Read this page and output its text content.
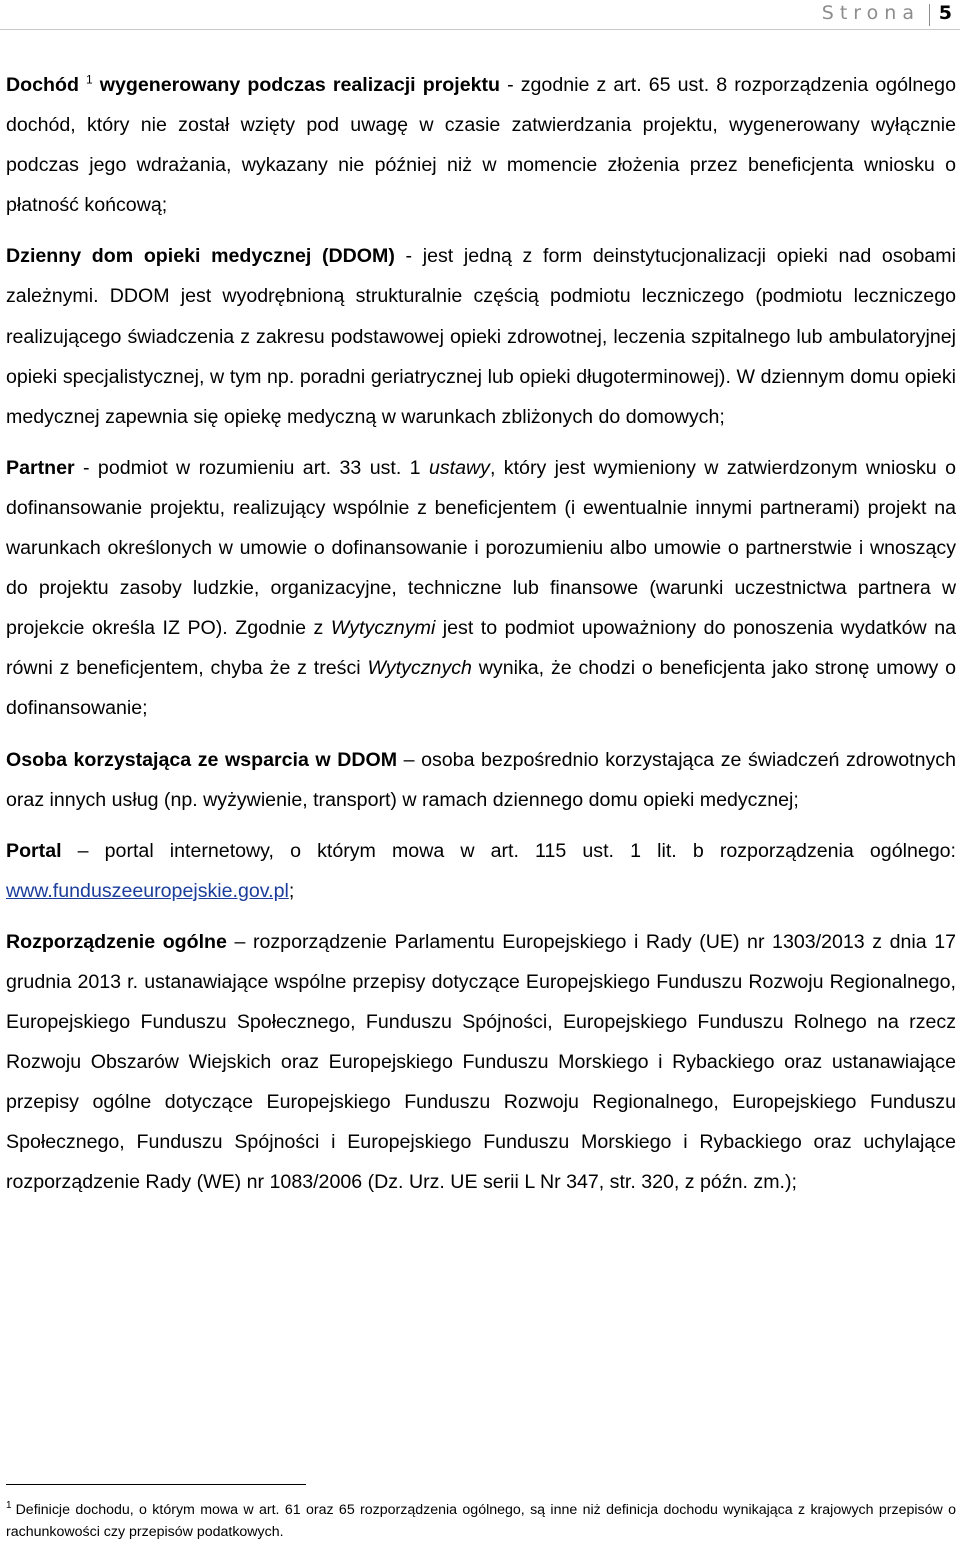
Strona 5

Dochód $^1$ wygenerowany podczas realizacji projektu - zgodnie z art. 65 ust. 8 rozporządzenia ogólnego dochód, który nie został wzięty pod uwagę w czasie zatwierdzania projektu, wygenerowany wyłącznie podczas jego wdrażania, wykazany nie później niż w momencie złożenia przez beneficjenta wniosku o płatność końcową;

Dzienny dom opieki medycznej (DDOM) - jest jedną z form deinstytucjonalizacji opieki nad osobami zależnymi. DDOM jest wyodrębnioną strukturalnie częścią podmiotu leczniczego (podmiotu leczniczego realizującego świadczenia z zakresu podstawowej opieki zdrowotnej, leczenia szpitalnego lub ambulatoryjnej opieki specjalistycznej, w tym np. poradni geriatrycznej lub opieki długoterminowej). W dziennym domu opieki medycznej zapewnia się opiekę medyczną w warunkach zbliżonych do domowych;

Partner - podmiot w rozumieniu art. 33 ust. 1 ustawy, który jest wymieniony w zatwierdzonym wniosku o dofinansowanie projektu, realizujący wspólnie z beneficjentem (i ewentualnie innymi partnerami) projekt na warunkach określonych w umowie o dofinansowanie i porozumieniu albo umowie o partnerstwie i wnoszący do projektu zasoby ludzkie, organizacyjne, techniczne lub finansowe (warunki uczestnictwa partnera w projekcie określa IZ PO). Zgodnie z Wytycznymi jest to podmiot upoważniony do ponoszenia wydatków na równi z beneficjentem, chyba że z treści Wytycznych wynika, że chodzi o beneficjenta jako stronę umowy o dofinansowanie;

Osoba korzystająca ze wsparcia w DDOM – osoba bezpośrednio korzystająca ze świadczeń zdrowotnych oraz innych usług (np. wyżywienie, transport) w ramach dziennego domu opieki medycznej;

Portal – portal internetowy, o którym mowa w art. 115 ust. 1 lit. b rozporządzenia ogólnego: www.funduszeeuropejskie.gov.pl;

Rozporządzenie ogólne – rozporządzenie Parlamentu Europejskiego i Rady (UE) nr 1303/2013 z dnia 17 grudnia 2013 r. ustanawiające wspólne przepisy dotyczące Europejskiego Funduszu Rozwoju Regionalnego, Europejskiego Funduszu Społecznego, Funduszu Spójności, Europejskiego Funduszu Rolnego na rzecz Rozwoju Obszarów Wiejskich oraz Europejskiego Funduszu Morskiego i Rybackiego oraz ustanawiające przepisy ogólne dotyczące Europejskiego Funduszu Rozwoju Regionalnego, Europejskiego Funduszu Społecznego, Funduszu Spójności i Europejskiego Funduszu Morskiego i Rybackiego oraz uchylające rozporządzenie Rady (WE) nr 1083/2006 (Dz. Urz. UE serii L Nr 347, str. 320, z późn. zm.);

$^1$ Definicje dochodu, o którym mowa w art. 61 oraz 65 rozporządzenia ogólnego, są inne niż definicja dochodu wynikająca z krajowych przepisów o rachunkowości czy przepisów podatkowych.
